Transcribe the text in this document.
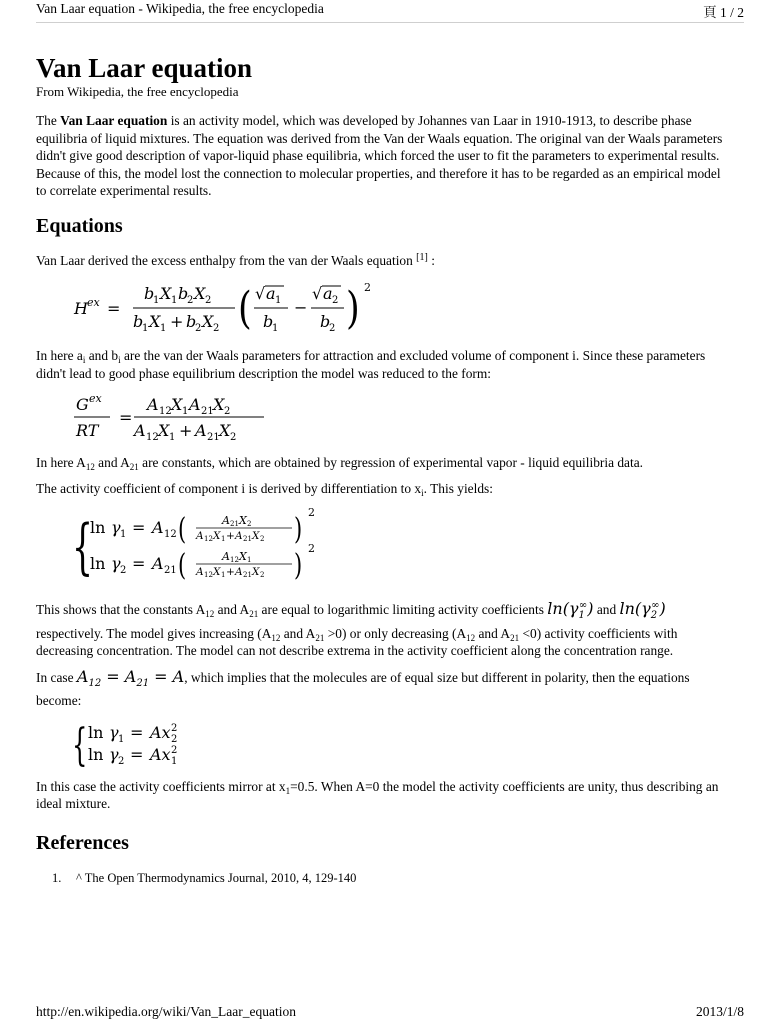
Van Laar equation - Wikipedia, the free encyclopedia	頁 1 / 2
Van Laar equation
From Wikipedia, the free encyclopedia

The Van Laar equation is an activity model, which was developed by Johannes van Laar in 1910-1913, to describe phase equilibria of liquid mixtures. The equation was derived from the Van der Waals equation. The original van der Waals parameters didn't give good description of vapor-liquid phase equilibria, which forced the user to fit the parameters to experimental results. Because of this, the model lost the connection to molecular properties, and therefore it has to be regarded as an empirical model to correlate experimental results.

Equations

Van Laar derived the excess enthalpy from the van der Waals equation [1] :

H ex =
b
1 X 1 b
2 X 2
b
1 X 1 + b
2 X 2 ( √ a 1
b
1
−
√ a 2
b
2 ) 2

In here $a_i$ and $b_i$ are the van der Waals parameters for attraction and excluded volume of component i. Since these parameters didn't lead to good phase equilibrium description the model was reduced to the form:

G ex
RT
=
A 12 X 1 A 21 X 2
A 12 X 1 + A 21 X 2

In here $A_{12}$ and $A_{21}$ are constants, which are obtained by regression of experimental vapor - liquid equilibria data.

The activity coefficient of component i is derived by differentiation to $x_i$. This yields:

{
ln γ 1 = A 12 (	A 21 X 2
A 12 X 1 + A 21 X 2 ) 2
ln γ 2 = A 21 (	A 12 X 1
A 12 X 1 + A 21 X 2 ) 2

This shows that the constants $A_{12}$ and $A_{21}$ are equal to logarithmic limiting activity coefficients $\ln(\gamma_1^\infty)$ and $\ln(\gamma_2^\infty)$ respectively. The model gives increasing ($A_{12}$ and $A_{21} >0$) or only decreasing ($A_{12}$ and $A_{21} <0$) activity coefficients with decreasing concentration. The model can not describe extrema in the activity coefficient along the concentration range.

In case $A_{12} = A_{21} = A$, which implies that the molecules are of equal size but different in polarity, then the equations become:

{ ln γ 1 = Ax 2
2
ln γ 2 = Ax 1
2

In this case the activity coefficients mirror at $x_1=0.5$. When A=0 the model the activity coefficients are unity, thus describing an ideal mixture.

References
1. ^ The Open Thermodynamics Journal, 2010, 4, 129-140
http://en.wikipedia.org/wiki/Van_Laar_equation	2013/1/8
